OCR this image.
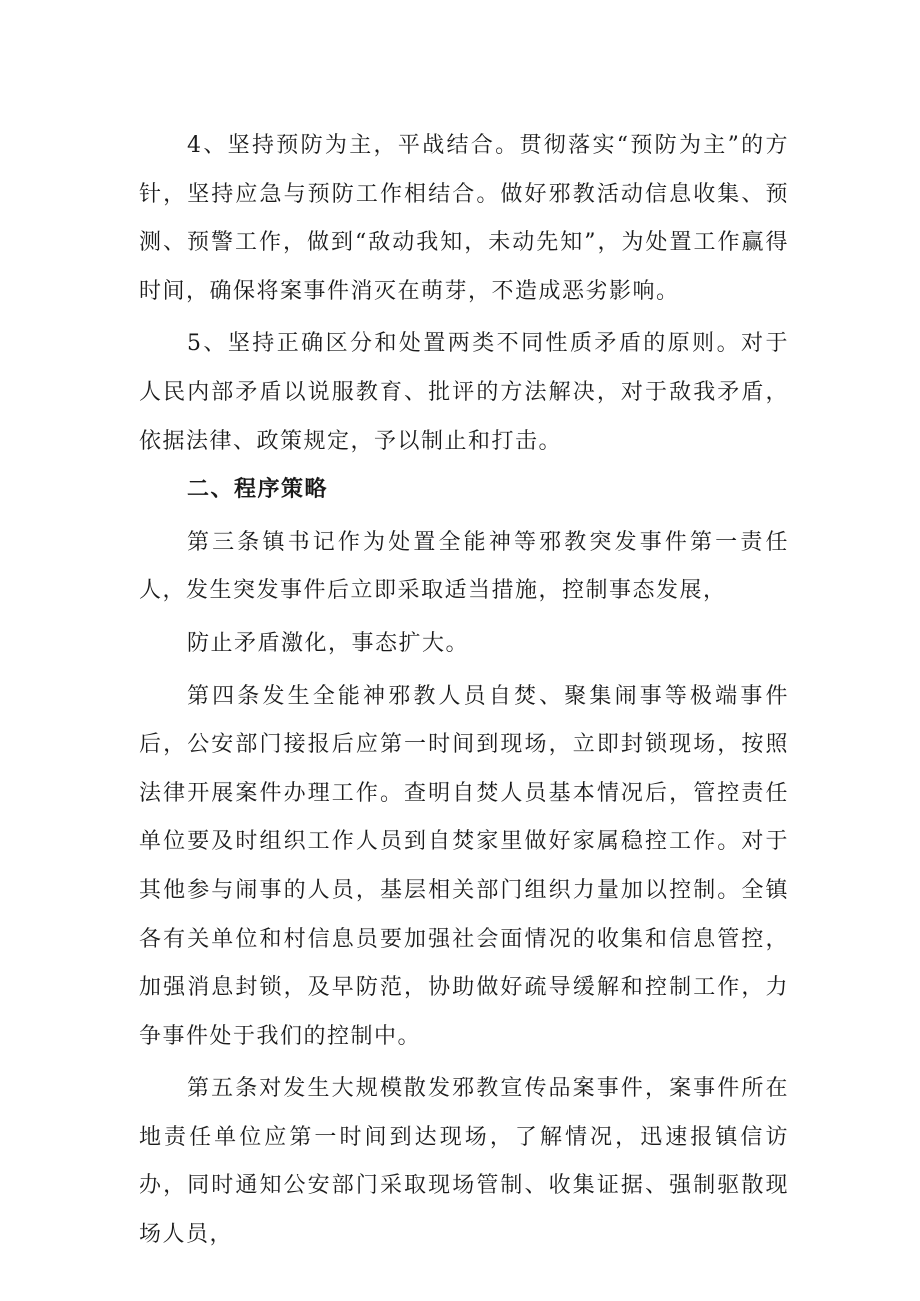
4、坚持预防为主，平战结合。贯彻落实“预防为主”的方针，坚持应急与预防工作相结合。做好邪教活动信息收集、预测、预警工作，做到“敌动我知，未动先知”，为处置工作赢得时间，确保将案事件消灭在萌芽，不造成恶劣影响。

5、坚持正确区分和处置两类不同性质矛盾的原则。对于人民内部矛盾以说服教育、批评的方法解决，对于敌我矛盾，依据法律、政策规定，予以制止和打击。

二、程序策略

第三条镇书记作为处置全能神等邪教突发事件第一责任人，发生突发事件后立即采取适当措施，控制事态发展，

防止矛盾激化，事态扩大。

第四条发生全能神邪教人员自焚、聚集闹事等极端事件后，公安部门接报后应第一时间到现场，立即封锁现场，按照法律开展案件办理工作。查明自焚人员基本情况后，管控责任单位要及时组织工作人员到自焚家里做好家属稳控工作。对于其他参与闹事的人员，基层相关部门组织力量加以控制。全镇各有关单位和村信息员要加强社会面情况的收集和信息管控，加强消息封锁，及早防范，协助做好疏导缓解和控制工作，力争事件处于我们的控制中。

第五条对发生大规模散发邪教宣传品案事件，案事件所在地责任单位应第一时间到达现场，了解情况，迅速报镇信访办，同时通知公安部门采取现场管制、收集证据、强制驱散现场人员，
